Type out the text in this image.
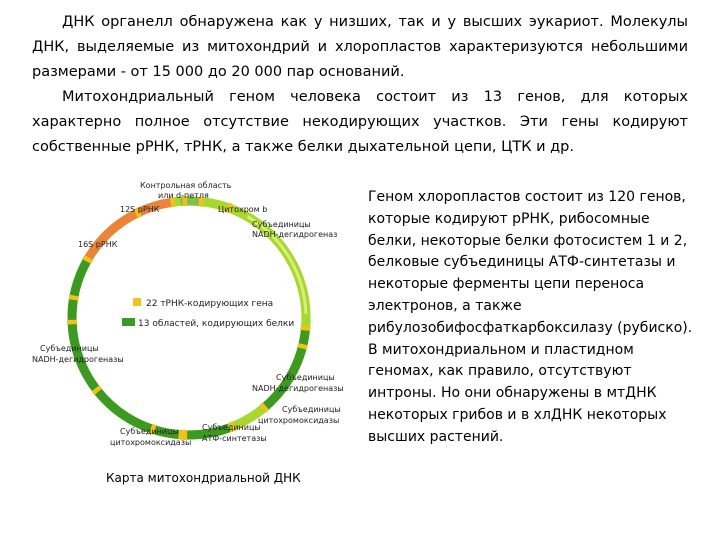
ДНК органелл обнаружена как у низших, так и у высших эукариот. Молекулы ДНК, выделяемые из митохондрий и хлоропластов характеризуются небольшими размерами - от 15 000 до 20 000 пар оснований.

Митохондриальный геном человека состоит из 13 генов, для которых характерно полное отсутствие некодирующих участков. Эти гены кодируют собственные рРНК, тРНК, а также белки дыхательной цепи, ЦТК и др.

Контрольная область
или d-петля
12S рРНК	Цитохром b
Субъединицы
NADH-дегидрогеназ
16S рРНК
Субъединицы
NADH-дегидрогеназы
Субъединицы
NADH-дегидрогеназы
Субъединицы
цитохромоксидазы
Субъединицы
АТФ-синтетазы
Субъединицы
цитохромоксидазы
22 тРНК-кодирующих гена
13 областей, кодирующих белки

Геном хлоропластов состоит из 120 генов, которые кодируют рРНК, рибосомные белки, некоторые белки фотосистем 1 и 2, белковые субъединицы АТФ-синтетазы и некоторые ферменты цепи переноса электронов, а также рибулозобифосфаткарбоксилазу (рубиско).

В митохондриальном и пластидном геномах, как правило, отсутствуют интроны. Но они обнаружены в мтДНК некоторых грибов и в хлДНК некоторых высших растений.

Карта митохондриальной ДНК
